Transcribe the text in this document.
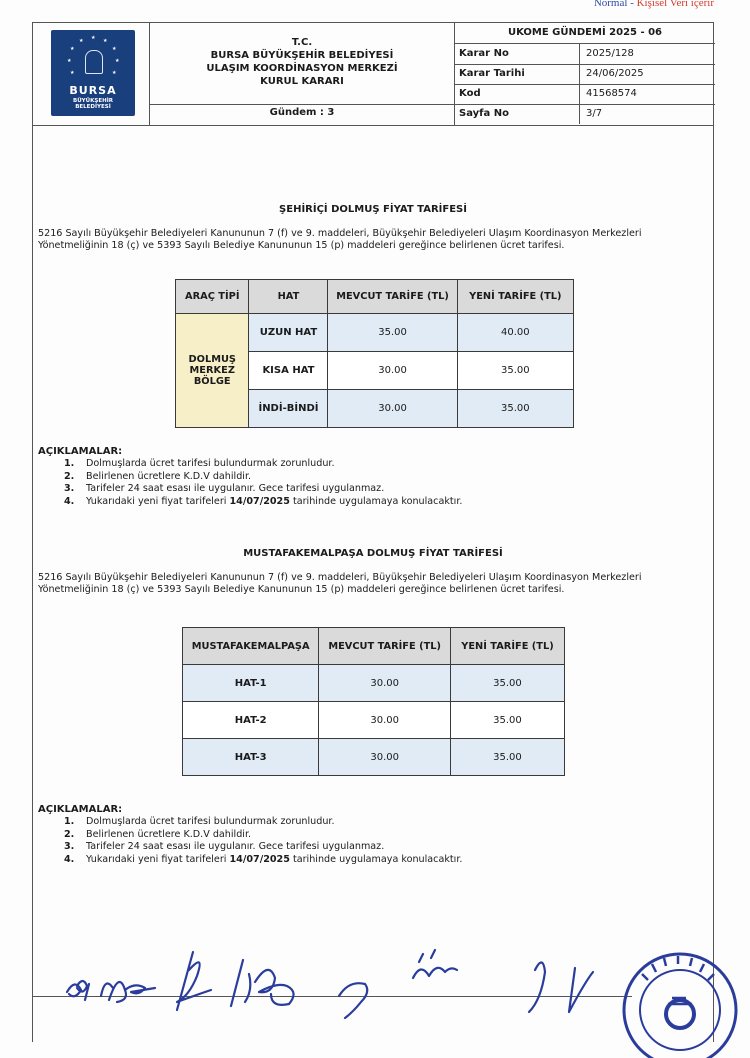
Normal - Kişisel Veri içerir
★ ★
★
★
★
★
★
★
★
BURSA
BÜYÜKŞEHİR
BELEDİYESİ
T.C.
BURSA BÜYÜKŞEHİR BELEDİYESİ
ULAŞIM KOORDİNASYON MERKEZİ
KURUL KARARI
Gündem : 3
UKOME GÜNDEMİ 2025 - 06
Karar No	2025/128
Karar Tarihi	24/06/2025
Kod	41568574
Sayfa No	3/7
ŞEHİRİÇİ DOLMUŞ FİYAT TARİFESİ
5216 Sayılı Büyükşehir Belediyeleri Kanununun 7 (f) ve 9. maddeleri, Büyükşehir Belediyeleri Ulaşım Koordinasyon Merkezleri Yönetmeliğinin 18 (ç) ve 5393 Sayılı Belediye Kanununun 15 (p) maddeleri gereğince belirlenen ücret tarifesi.
ARAÇ TİPİ	HAT	MEVCUT TARİFE (TL)	YENİ TARİFE (TL)

DOLMUŞ
MERKEZ
BÖLGE	UZUN HAT	35.00	40.00
	KISA HAT	30.00	35.00
	İNDİ-BİNDİ	30.00	35.00
AÇIKLAMALAR:
1.	Dolmuşlarda ücret tarifesi bulundurmak zorunludur.
2.	Belirlenen ücretlere K.D.V dahildir.
3.	Tarifeler 24 saat esası ile uygulanır. Gece tarifesi uygulanmaz.
4.	Yukarıdaki yeni fiyat tarifeleri 14/07/2025 tarihinde uygulamaya konulacaktır.
MUSTAFAKEMALPAŞA DOLMUŞ FİYAT TARİFESİ
5216 Sayılı Büyükşehir Belediyeleri Kanununun 7 (f) ve 9. maddeleri, Büyükşehir Belediyeleri Ulaşım Koordinasyon Merkezleri Yönetmeliğinin 18 (ç) ve 5393 Sayılı Belediye Kanununun 15 (p) maddeleri gereğince belirlenen ücret tarifesi.
MUSTAFAKEMALPAŞA	MEVCUT TARİFE (TL)	YENİ TARİFE (TL)
HAT-1	30.00	35.00
HAT-2	30.00	35.00
HAT-3	30.00	35.00
AÇIKLAMALAR:
1.	Dolmuşlarda ücret tarifesi bulundurmak zorunludur.
2.	Belirlenen ücretlere K.D.V dahildir.
3.	Tarifeler 24 saat esası ile uygulanır. Gece tarifesi uygulanmaz.
4.	Yukarıdaki yeni fiyat tarifeleri 14/07/2025 tarihinde uygulamaya konulacaktır.
